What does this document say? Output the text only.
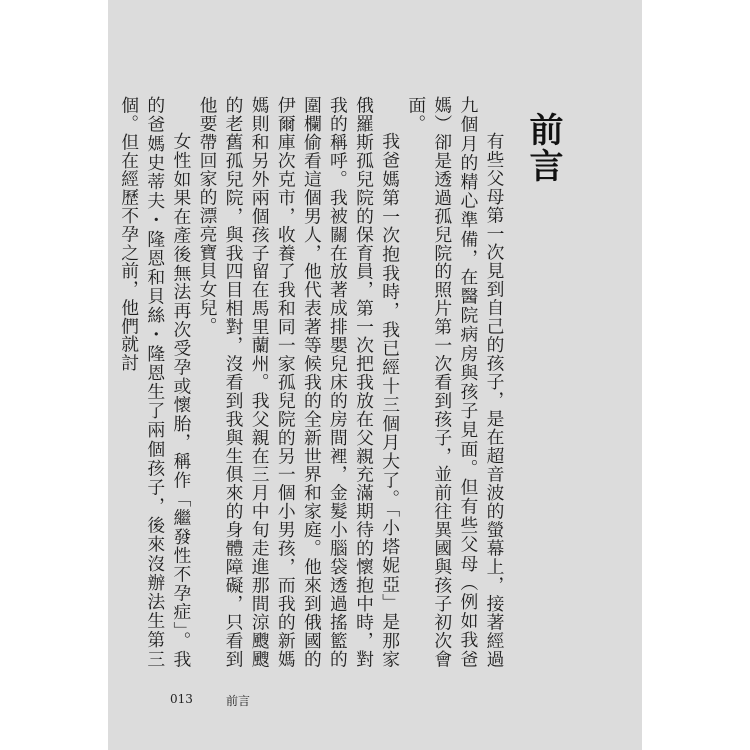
前言

有些父母第一次見到自己的孩子，是在超音波的螢幕上，接著經過九個月的精心準備，在醫院病房與孩子見面。但有些父母（例如我爸媽）卻是透過孤兒院的照片第一次看到孩子，並前往異國與孩子初次會面。

我爸媽第一次抱我時，我已經十三個月大了。「小塔妮亞」是那家俄羅斯孤兒院的保育員，第一次把我放在父親充滿期待的懷抱中時，對我的稱呼。我被關在放著成排嬰兒床的房間裡，金髮小腦袋透過搖籃的圍欄偷看這個男人，他代表著等候我的全新世界和家庭。他來到俄國的伊爾庫次克市，收養了我和同一家孤兒院的另一個小男孩，而我的新媽媽則和另外兩個孩子留在馬里蘭州。我父親在三月中旬走進那間涼颼颼的老舊孤兒院，與我四目相對，沒看到我與生俱來的身體障礙，只看到他要帶回家的漂亮寶貝女兒。

女性如果在產後無法再次受孕或懷胎，稱作「繼發性不孕症」。我的爸媽史蒂夫・隆恩和貝絲・隆恩生了兩個孩子，後來沒辦法生第三個。但在經歷不孕之前，他們就討

013	前言
